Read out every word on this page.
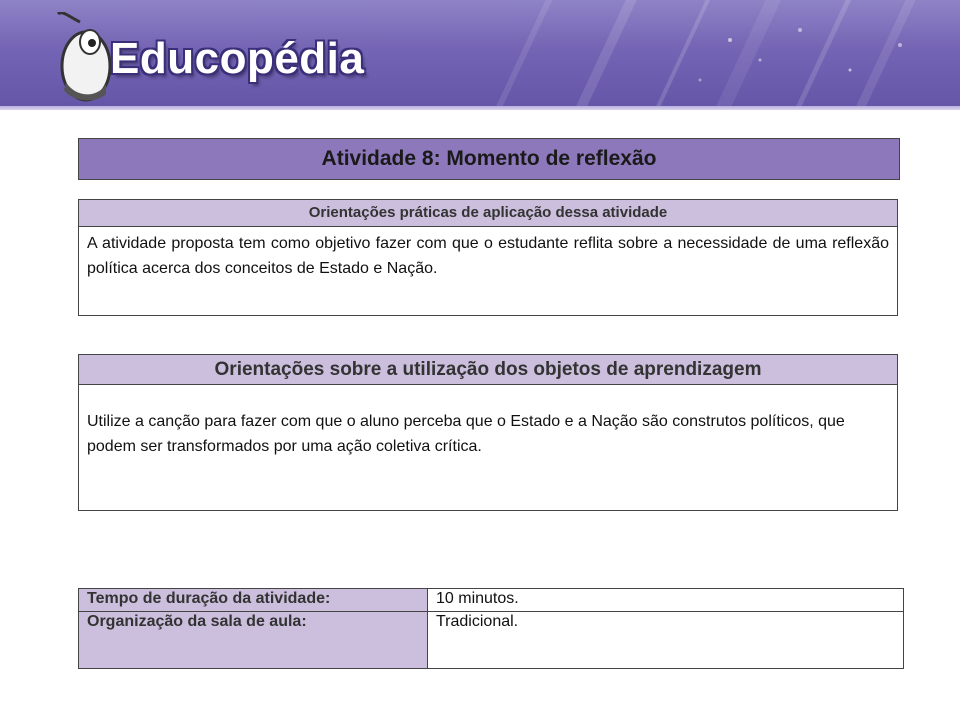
Educopédia
Atividade 8: Momento de reflexão
Orientações práticas de aplicação dessa atividade
A atividade proposta tem como objetivo fazer com que o estudante reflita sobre a necessidade de uma reflexão política acerca dos conceitos de Estado e Nação.
Orientações sobre a utilização dos objetos de aprendizagem
Utilize a canção para fazer com que o aluno perceba que o Estado e a Nação são construtos políticos, que podem ser transformados por uma ação coletiva crítica.
Tempo de duração da atividade:	10 minutos.
Organização da sala de aula:	Tradicional.
